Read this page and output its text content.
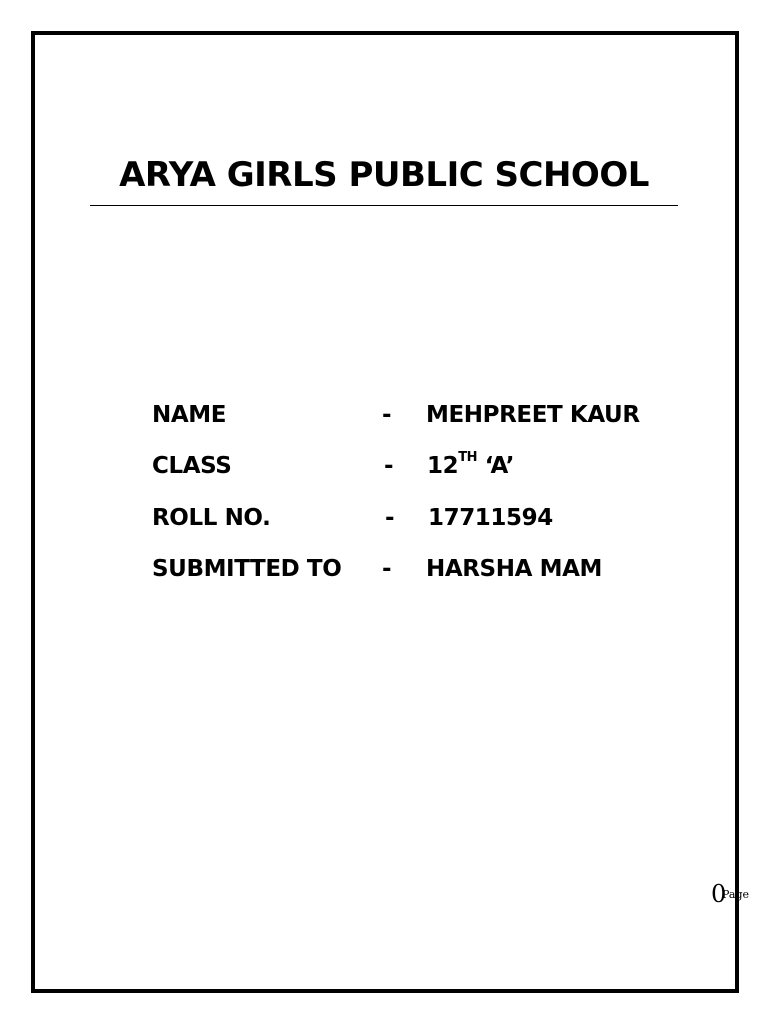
ARYA GIRLS PUBLIC SCHOOL
NAME	- MEHPREET KAUR
CLASS	- 12TH ‘A’
ROLL NO.	- 17711594
SUBMITTED TO - HARSHA MAM
0
Page
